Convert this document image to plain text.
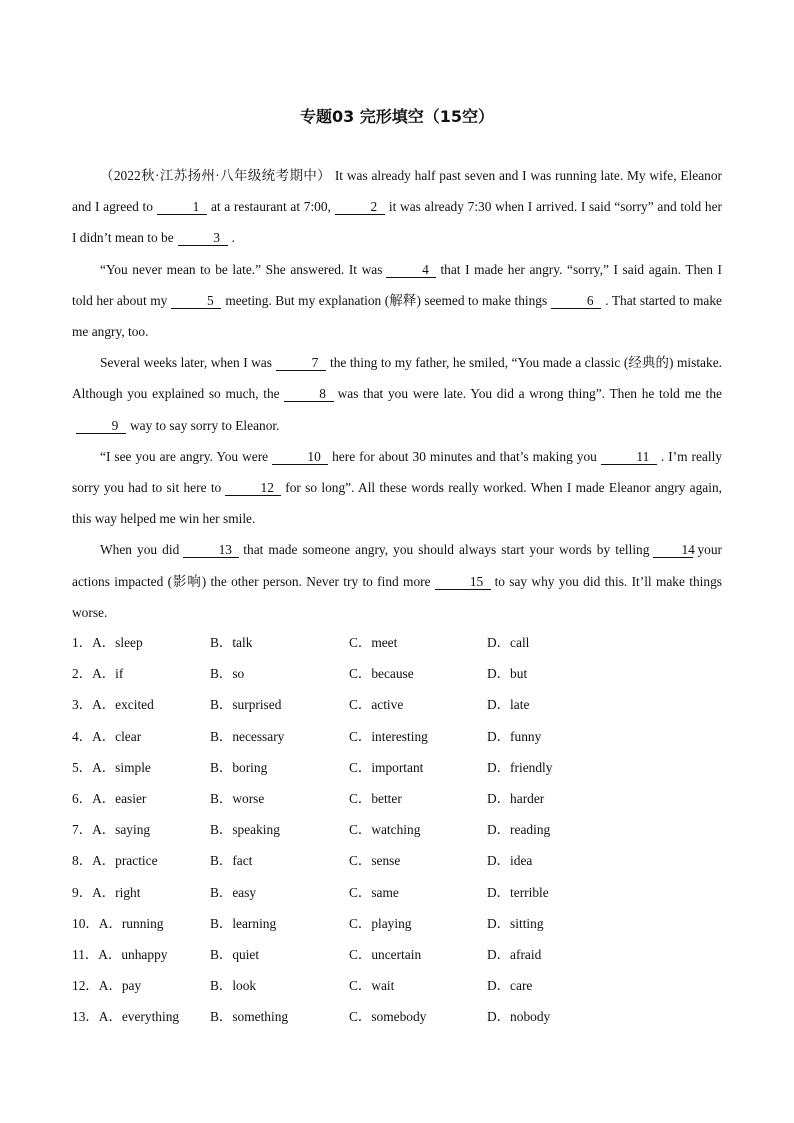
专题03 完形填空（15空）

（2022秋·江苏扬州·八年级统考期中） It was already half past seven and I was running late. My wife, Eleanor and I agreed to	1 at a restaurant at 7:00,	2 it was already 7:30 when I arrived. I said “sorry” and told her I didn’t mean to be	3 .

“You never mean to be late.” She answered. It was	4 that I made her angry. “sorry,” I said again. Then I told her about my	5 meeting. But my explanation (解释) seemed to make things	6 . That started to make me angry, too.

Several weeks later, when I was	7 the thing to my father, he smiled, “You made a classic (经典的) mistake. Although you explained so much, the	8 was that you were late. You did a wrong thing”. Then he told me the9 way to say sorry to Eleanor.

“I see you are angry. You were	10 here for about 30 minutes and that’s making you	11 . I’m really sorry you had to sit here to	12 for so long”. All these words really worked. When I made Eleanor angry again, this way helped me win her smile.

When you did	13 that made someone angry, you should always start your words by telling 14 your actions impacted (影响) the other person. Never try to find more	15 to say why you did this. It’ll make things worse.

1．A．sleep	B．talk	C．meet	D．call
2．A．if	B．so	C．because	D．but
3．A．excited	B．surprised	C．active	D．late
4．A．clear	B．necessary	C．interesting	D．funny
5．A．simple	B．boring	C．important	D．friendly
6．A．easier	B．worse	C．better	D．harder
7．A．saying	B．speaking	C．watching	D．reading
8．A．practice	B．fact	C．sense	D．idea
9．A．right	B．easy	C．same	D．terrible
10．A．running	B．learning	C．playing	D．sitting
11．A．unhappy	B．quiet	C．uncertain	D．afraid
12．A．pay	B．look	C．wait	D．care
13．A．everything B．something	C．somebody	D．nobody
